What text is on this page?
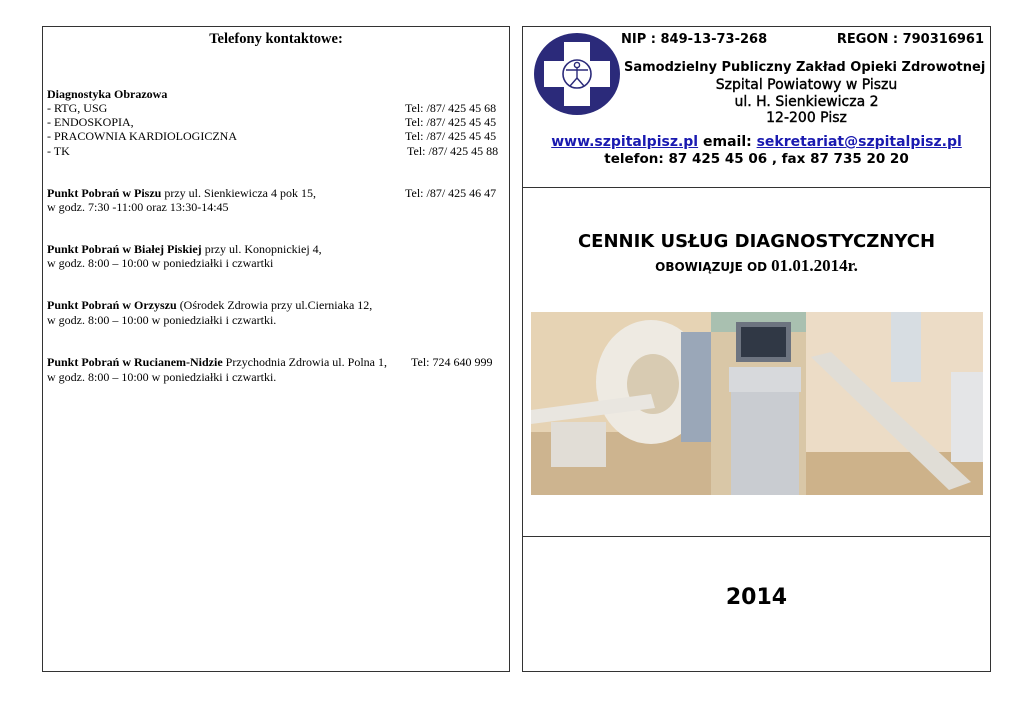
Telefony kontaktowe:
Diagnostyka Obrazowa
- RTG, USG	Tel: /87/ 425 45 68
- ENDOSKOPIA,	Tel: /87/ 425 45 45
- PRACOWNIA KARDIOLOGICZNA	Tel: /87/ 425 45 45
- TK	Tel: /87/ 425 45 88
Punkt Pobrań w Piszu przy ul. Sienkiewicza 4 pok 15,	Tel: /87/ 425 46 47
w godz. 7:30 -11:00 oraz 13:30-14:45
Punkt Pobrań w Białej Piskiej przy ul. Konopnickiej 4,
w godz. 8:00 – 10:00 w poniedziałki i czwartki
Punkt Pobrań w Orzyszu (Ośrodek Zdrowia przy ul.Cierniaka 12,
w godz. 8:00 – 10:00 w poniedziałki i czwartki.
Punkt Pobrań w Rucianem-Nidzie Przychodnia Zdrowia ul. Polna 1, Tel: 724 640 999
w godz. 8:00 – 10:00 w poniedziałki i czwartki.
NIP : 849-13-73-268	REGON : 790316961
Samodzielny Publiczny Zakład Opieki Zdrowotnej
Szpital Powiatowy w Piszu
ul. H. Sienkiewicza 2
12-200 Pisz
www.szpitalpisz.pl email: sekretariat@szpitalpisz.pl
telefon: 87 425 45 06 , fax 87 735 20 20
CENNIK USŁUG DIAGNOSTYCZNYCH
OBOWIĄZUJE OD 01.01.2014r.
2014
